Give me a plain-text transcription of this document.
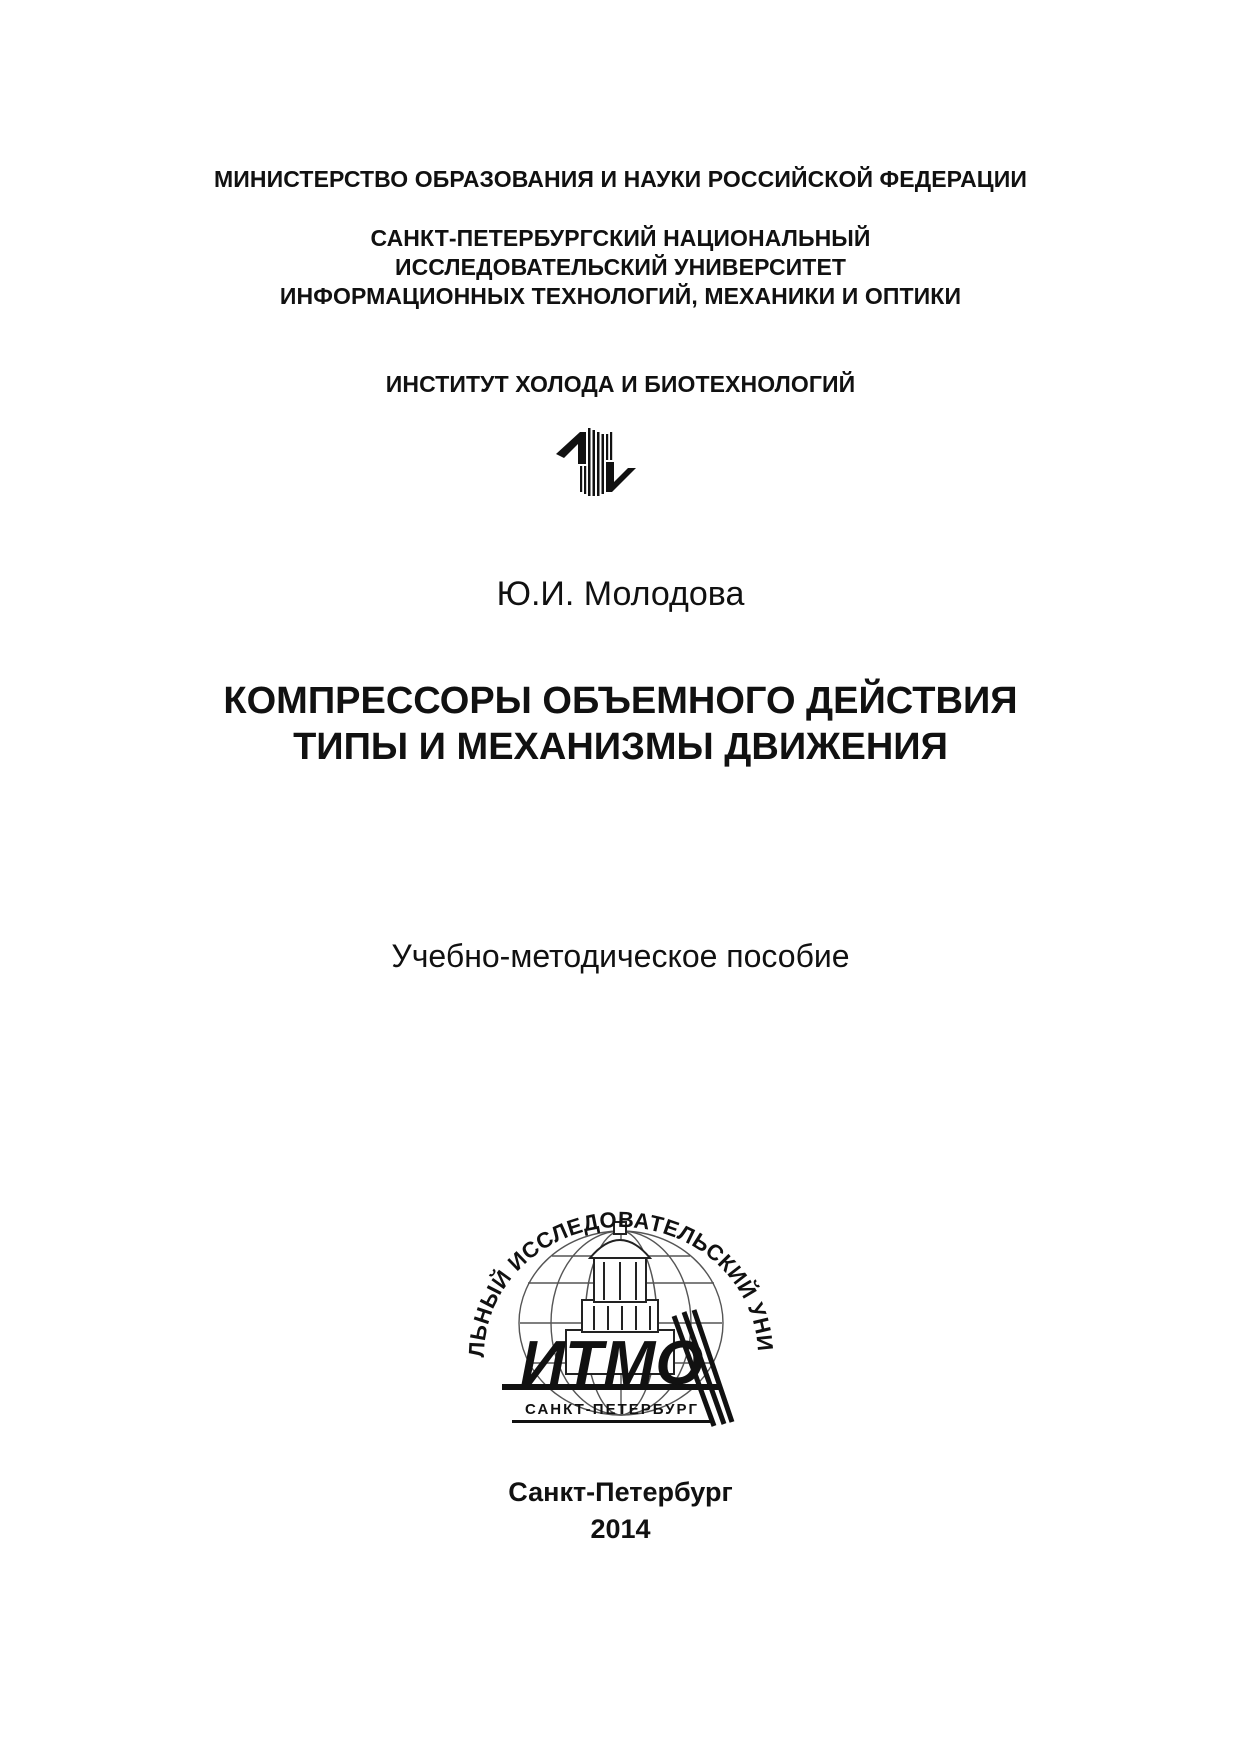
МИНИСТЕРСТВО ОБРАЗОВАНИЯ И НАУКИ РОССИЙСКОЙ ФЕДЕРАЦИИ
САНКТ-ПЕТЕРБУРГСКИЙ НАЦИОНАЛЬНЫЙ
ИССЛЕДОВАТЕЛЬСКИЙ УНИВЕРСИТЕТ
ИНФОРМАЦИОННЫХ ТЕХНОЛОГИЙ, МЕХАНИКИ И ОПТИКИ
ИНСТИТУТ ХОЛОДА И БИОТЕХНОЛОГИЙ
Ю.И. Молодова
КОМПРЕССОРЫ ОБЪЕМНОГО ДЕЙСТВИЯ
ТИПЫ И МЕХАНИЗМЫ ДВИЖЕНИЯ
Учебно-методическое пособие
НАЦИОНАЛЬНЫЙ ИССЛЕДОВАТЕЛЬСКИЙ УНИВЕРСИТЕТ
ИТМО
САНКТ-ПЕТЕРБУРГ
Санкт-Петербург
2014
